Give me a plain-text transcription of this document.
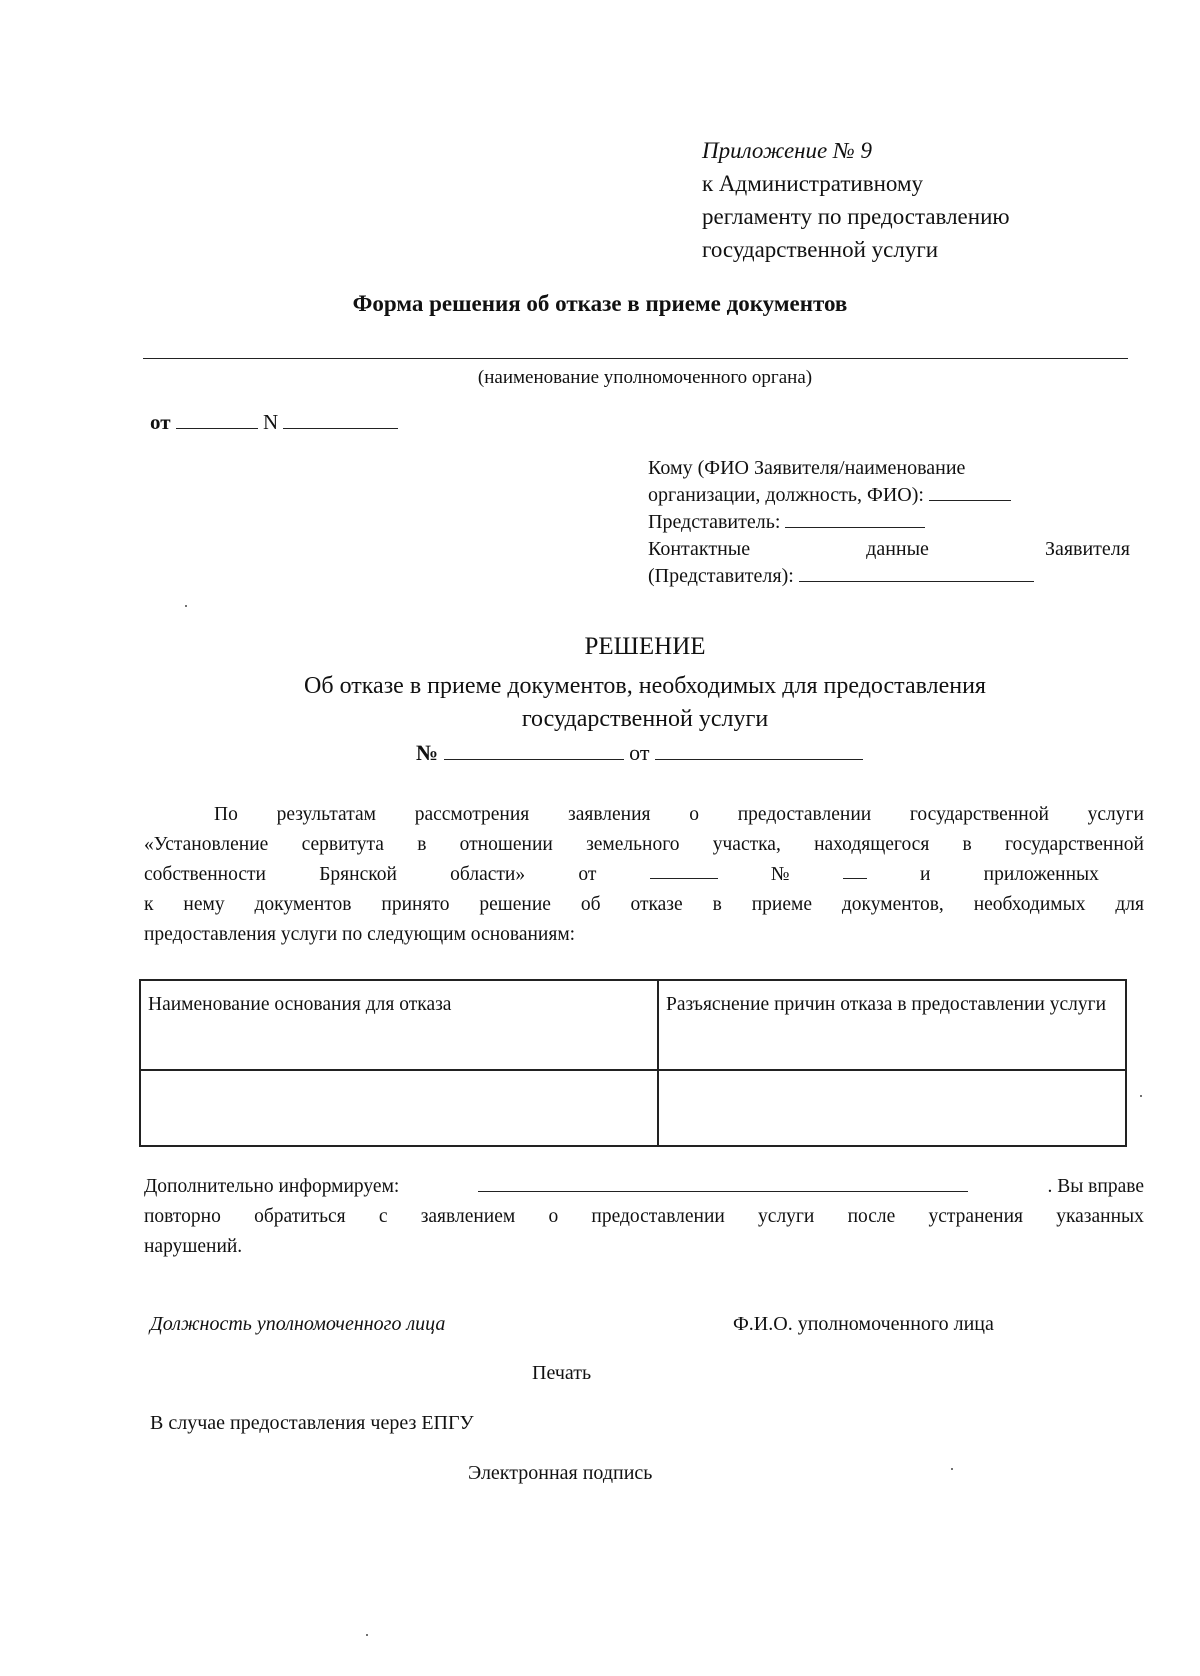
Приложение № 9
к Административному
регламенту по предоставлению
государственной услуги
Форма решения об отказе в приеме документов
(наименование уполномоченного органа)
от	N
Кому (ФИО Заявителя/наименование
организации, должность, ФИО):
Представитель:
Контактные	данные	Заявителя
(Представителя):
РЕШЕНИЕ
Об отказе в приеме документов, необходимых для предоставления
государственной услуги
№	от
По результатам рассмотрения заявления о предоставлении государственной услуги
«Установление сервитута в отношении земельного участка, находящегося в государственной
собственности	Брянской	области»	от	№	и	приложенных
к нему документов принято решение об отказе в приеме документов, необходимых для
предоставления услуги по следующим основаниям:
Наименование основания для отказа	Разъяснение причин отказа в предоставлении услуги

Дополнительно информируем:	. Вы вправе
повторно обратиться с заявлением о предоставлении услуги после устранения указанных
нарушений.
Должность уполномоченного лица	Ф.И.О. уполномоченного лица
Печать
В случае предоставления через ЕПГУ
Электронная подпись
